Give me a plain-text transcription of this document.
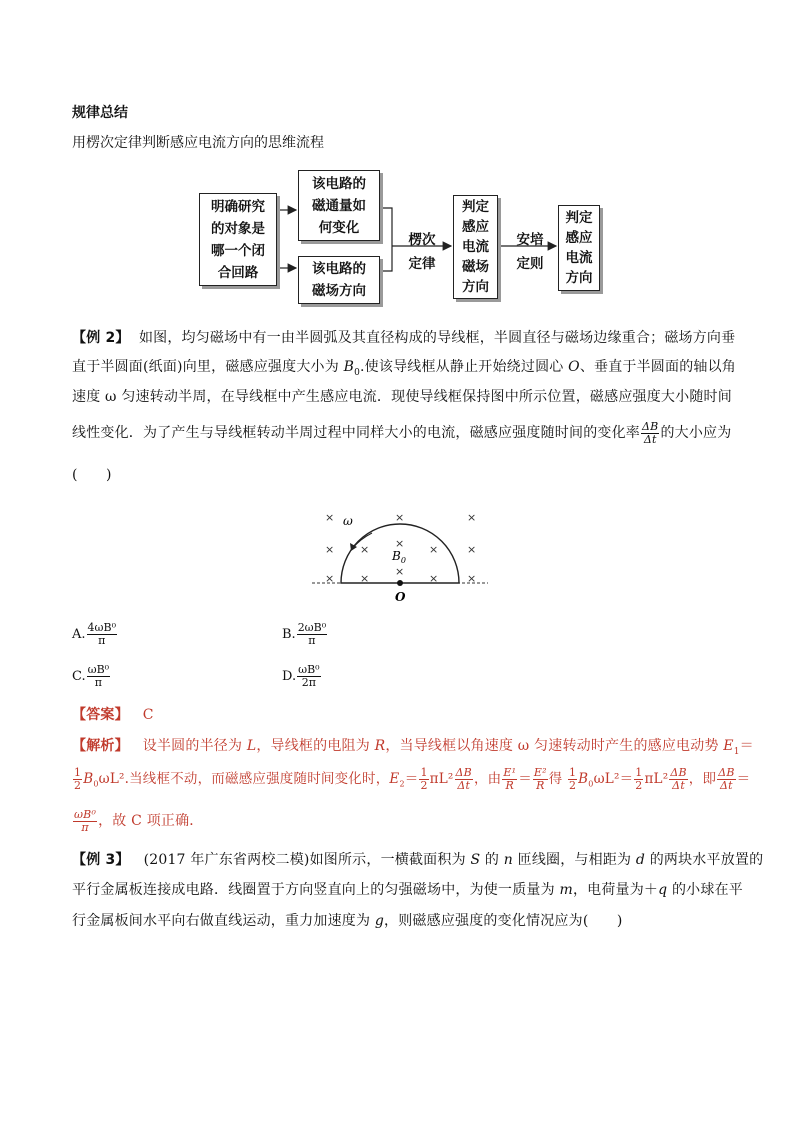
规律总结
用楞次定律判断感应电流方向的思维流程
明确研究
的对象是
哪一个闭
合回路
该电路的
磁通量如
何变化
该电路的
磁场方向
判定
感应
电流
磁场
方向
判定
感应
电流
方向
楞次
定律
安培
定则
【例 2】 如图，均匀磁场中有一由半圆弧及其直径构成的导线框，半圆直径与磁场边缘重合；磁场方向垂
直于半圆面(纸面)向里，磁感应强度大小为 $B_0$.使该导线框从静止开始绕过圆心 O、垂直于半圆面的轴以角
速度 ω 匀速转动半周，在导线框中产生感应电流．现使导线框保持图中所示位置，磁感应强度大小随时间
线性变化．为了产生与导线框转动半周过程中同样大小的电流，磁感应强度随时间的变化率 $\frac{\Delta B}{\Delta t}$ 的大小应为
(　　)
×	×	×
× × × ×	×
× ×
×
×	×
ω
$B_0$
O
A. $\frac{\text{4ωB⁰}}{\pi}$	B. $\frac{\text{2ωB⁰}}{\pi}$
C. $\frac{\text{ωB⁰}}{\pi}$	D. $\frac{\text{ωB⁰}}{2\pi}$
【答案】 C
【解析】 设半圆的半径为 L，导线框的电阻为 R，当导线框以角速度 ω 匀速转动时产生的感应电动势 $E_1=$
$\frac{1}{2} B_0\omega L^2$.当线框不动，而磁感应强度随时间变化时，$E_2= \frac{1}{2} \pi L^2 \frac{\Delta B}{\Delta t}$ ，由 $\frac{\text{E¹}}{R} = \frac{\text{E²}}{R}$ 得 $\frac{1}{2} B_0\omega L^2= \frac{1}{2} \pi L^2 \frac{\Delta B}{\Delta t}$ ，即 $\frac{\Delta B}{\Delta t}$ ＝
$\frac{\text{ωB⁰}}{\pi}$ ，故 C 项正确．
【例 3】 (2017 年广东省两校二模)如图所示，一横截面积为 S 的 n 匝线圈，与相距为 d 的两块水平放置的
平行金属板连接成电路．线圈置于方向竖直向上的匀强磁场中，为使一质量为 m，电荷量为＋q 的小球在平
行金属板间水平向右做直线运动，重力加速度为 g，则磁感应强度的变化情况应为(　　)
